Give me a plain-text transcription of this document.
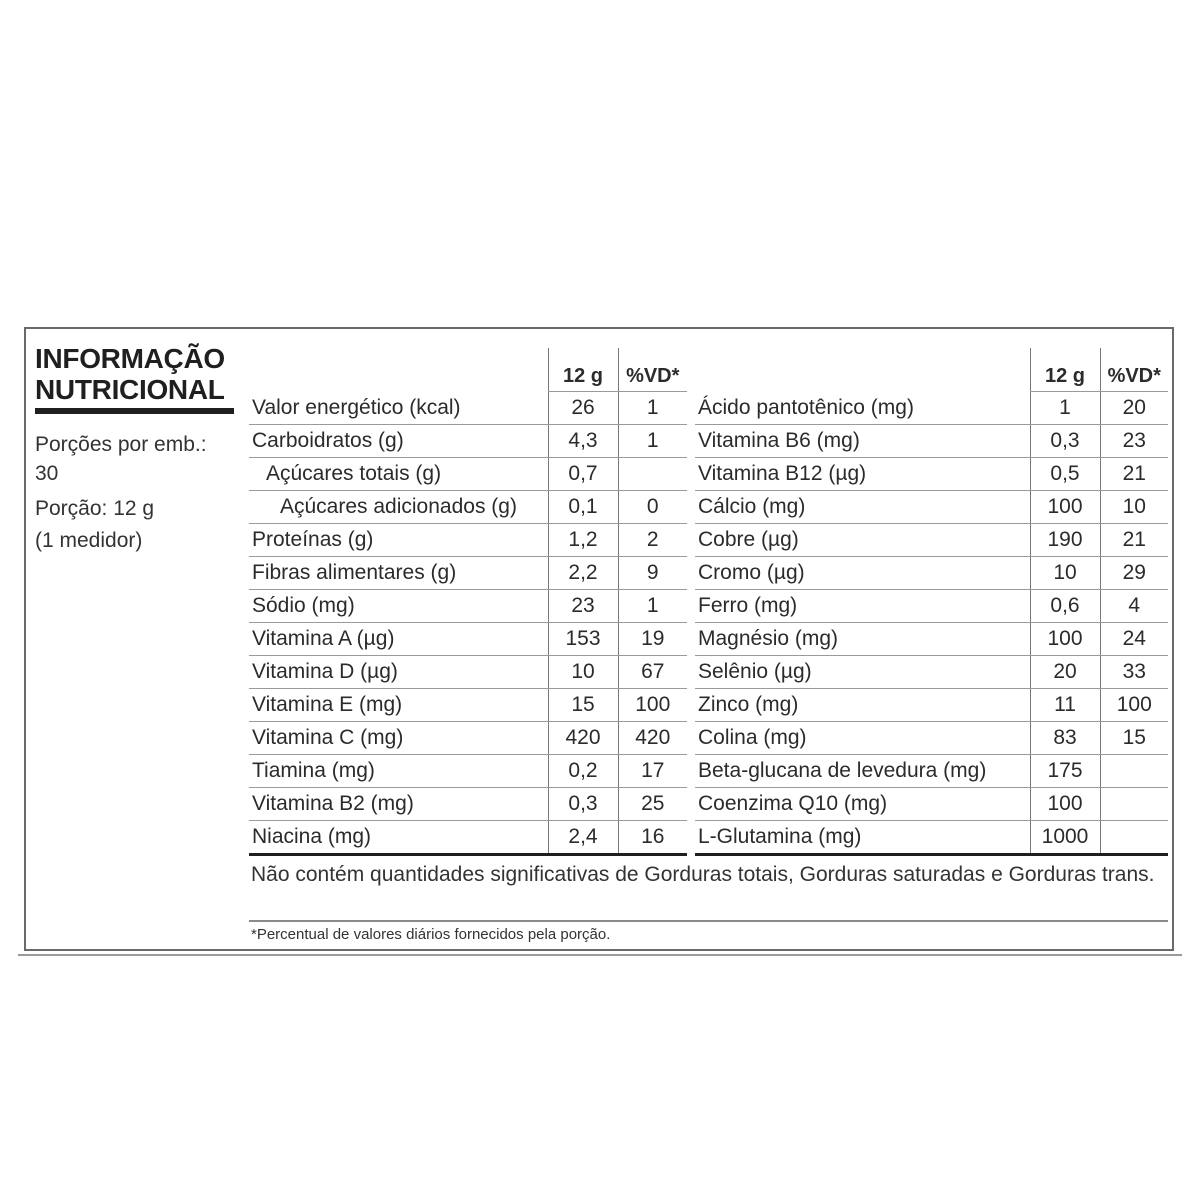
INFORMAÇÃO
NUTRICIONAL
Porções por emb.:
30
Porção: 12 g
(1 medidor)
	12 g	%VD*
Valor energético (kcal)	26	1
Carboidratos (g)	4,3	1
Açúcares totais (g)	0,7	
Açúcares adicionados (g)	0,1	0
Proteínas (g)	1,2	2
Fibras alimentares (g)	2,2	9
Sódio (mg)	23	1
Vitamina A (µg)	153	19
Vitamina D (µg)	10	67
Vitamina E (mg)	15	100
Vitamina C (mg)	420	420
Tiamina (mg)	0,2	17
Vitamina B2 (mg)	0,3	25
Niacina (mg)	2,4	16
	12 g	%VD*
Ácido pantotênico (mg)	1	20
Vitamina B6 (mg)	0,3	23
Vitamina B12 (µg)	0,5	21
Cálcio (mg)	100	10
Cobre (µg)	190	21
Cromo (µg)	10	29
Ferro (mg)	0,6	4
Magnésio (mg)	100	24
Selênio (µg)	20	33
Zinco (mg)	11	100
Colina (mg)	83	15
Beta-glucana de levedura (mg)	175	
Coenzima Q10 (mg)	100	
L-Glutamina (mg)	1000	
Não contém quantidades significativas de Gorduras totais, Gorduras saturadas e Gorduras trans.
*Percentual de valores diários fornecidos pela porção.
